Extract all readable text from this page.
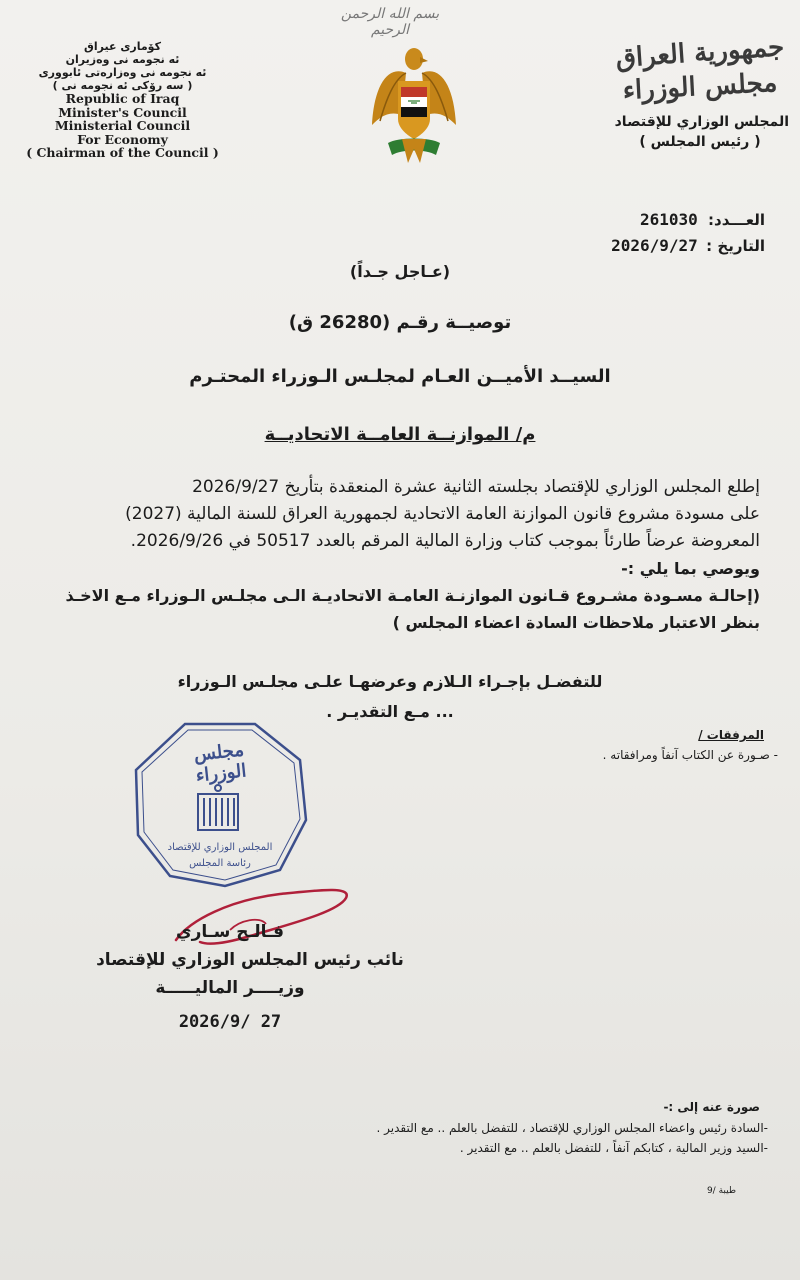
بسم الله الرحمن الرحيم
كۆماری عیراق
ئه نجومه نی وه‌زیران
ئه نجومه نی وه‌زاره‌تی ئابووری
( سه رۆکی ئه نجومه نی )
Republic of Iraq
Minister's Council
Ministerial Council
For Economy
( Chairman of the Council )
جمهورية العراق
مجلس الوزراء
المجلس الوزاري للإقتصاد
( رئيس المجلس )
العـــدد: 261030
التاريخ : 2026/9/27
(عـاجل جـداً)
توصيــة رقـم (26280 ق)
السيــد الأميــن العـام لمجلـس الـوزراء المحتـرم
م/ الموازنــة العامــة الاتحاديــة
إطلع المجلس الوزاري للإقتصاد بجلسته الثانية عشرة المنعقدة بتأريخ 2026/9/27
على مسودة مشروع قانون الموازنة العامة الاتحادية لجمهورية العراق للسنة المالية (2027)
المعروضة عرضاً طارئاً بموجب كتاب وزارة المالية المرقم بالعدد 50517 في 2026/9/26.
ويوصي بما يلي :-
(إحالـة مسـودة مشـروع قـانون الموازنـة العامـة الاتحاديـة الـى مجلـس الـوزراء مـع الاخـذ
بنظر الاعتبار ملاحظات السادة اعضاء المجلس )
للتفضـل بإجـراء الـلازم وعرضهـا علـى مجلـس الـوزراء
... مـع التقديـر .
المرفقات /
- صـورة عن الكتاب آنفاً ومرافقاته .
مجلس الوزراء
المجلس الوزاري للإقتصاد
رئاسة المجلس
فـالـح سـاري
نائب رئيس المجلس الوزاري للإقتصاد
وزيــــر الماليـــــة
2026/9/ 27
صورة عنه إلى :-
-السادة رئيس واعضاء المجلس الوزاري للإقتصاد ، للتفضل بالعلم .. مع التقدير .
-السيد وزير المالية ، كتابكم آنفاً ، للتفضل بالعلم .. مع التقدير .
طيبة /9
